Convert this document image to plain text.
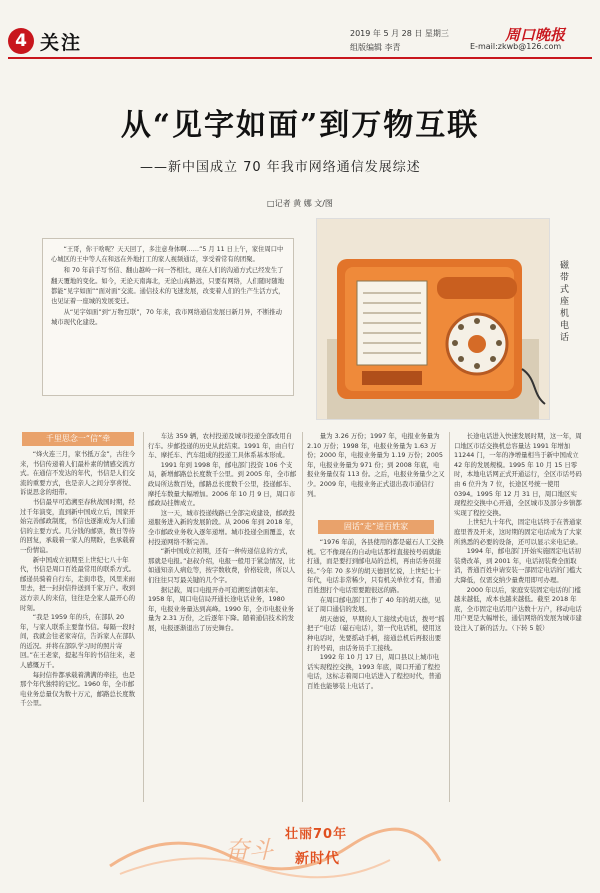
4 关注	2019 年 5 月 28 日 星期三	周口晚报
组版编辑 李青	E-mail:zkwb@126.com
从“见字如面”到万物互联
——新中国成立 70 年我市网络通信发展综述
□记者 黄 娜 文/图

“王哥，你干啥呢？天天回了，多注意身体啊……”5 月 11 日上午，家住周口中心城区的王中等人在和远在外地打工的家人视频通话，享受着常有的团聚。

和 70 年前手写书信、翻山越岭一问一答相比，现在人们的沟通方式已经发生了翻天覆地的变化。如今，无论天南海北，无论山高路远，只要有网络，人们随时随地都能“见字如面”“面对面”交流。通信技术的飞速发展，改变着人们的生产生活方式，也见证着一座城的发展变迁。

从“见字如面”到“万物互联”，70 年来，我市网络通信发展日新月异，不断推动城市现代化建设。

磁带式座机电话
千里思念一“信”牵

“烽火连三月，家书抵万金”，古往今来，书信传递着人们最朴素的情感交流方式。在通信不发达的年代，书信是人们交流的重要方式，也是亲人之间分享喜悦、诉说思念的纽带。

书信最早可追溯至春秋战国时期，经过千年演变，直到新中国成立后，国家开始完善邮政制度，书信也逐渐成为人们通信的主要方式。几分钱的邮票，数日等待的回复，承载着一家人的期盼，也承载着一份情谊。

新中国成立初期至上世纪七八十年代，书信是周口百姓最常用的联系方式。邮递员骑着自行车，走街串巷，风里来雨里去，把一封封信件送到千家万户。收到远方亲人的来信，往往是全家人最开心的时刻。

“我是 1959 年的兵，在部队 20 年，与家人联系主要靠书信。每隔一段时间，我就会往老家寄信，告诉家人在部队的近况。并将在部队学习时的照片寄回。”在王老家，提起当年的书信往来，老人感慨万千。

每封信件都承载着满满的牵挂，也是那个年代独特的记忆。1960 年，全市邮电业务总量仅为数十万元，邮路总长度数千公里。

车达 359 辆，农村投递及城市投递全部改用自行车。步邮投递的历史从此结束。1991 年，由自行车、摩托车、汽车组成的投递工具体系基本形成。

1991 年到 1998 年，邮电部门投资 106 个支局，新增邮路总长度数千公里。到 2005 年，全市邮政局所达数百处，邮路总长度数千公里，投递邮车、摩托车数量大幅增加。2006 年 10 月 9 日，周口市邮政局挂牌成立。

这一天，城市投递线路已全部完成建设，邮政投递服务进入新的发展阶段。从 2006 年到 2018 年，全市邮政业务收入逐年递增。城市投递全面覆盖，农村投递网络不断完善。

“新中国成立初期，还有一种传递信息的方式，那就是电报。”赵叔介绍，电报一般用于紧急情况，比如通知亲人病危等，按字数收费，价格较贵，所以人们往往只写最关键的几个字。

据记载，周口电报开办可追溯至清朝末年。1958 年，周口电信局开通长途电话业务，1980 年，电报业务量达到高峰。1990 年，全市电报业务量为 2.31 万份，之后逐年下降。随着通信技术的发展，电报逐渐退出了历史舞台。

量为 3.26 万份；1997 年，电报业务量为 2.10 万份；1998 年，电报业务量为 1.63 万份；2000 年，电报业务量为 1.19 万份；2005 年，电报业务量为 971 份；到 2008 年底，电报业务量仅有 113 份。之后，电报业务量少之又少。2009 年，电报业务正式退出我市通信行列。

固话“走”进百姓家

“1976 年前，各县使用的都是磁石人工交换机。它不像现在的自动电话那样直接按号码就能打通，而是要打到邮电局的总机，再由话务员接转。”今年 70 多岁的胡天德回忆说，上世纪七十年代，电话非常稀少，只有机关单位才有，普通百姓想打个电话需要跑很远的路。

在周口邮电部门工作了 40 年的胡天德，见证了周口通信的发展。

胡天德说，早期的人工接续式电话，拨号“摇把子”电话（磁石电话），第一代电话机，使用这种电话时，先要摇动手柄，接通总机后再报出要打的号码，由话务员手工接线。

1992 年 10 月 17 日，周口县以上城市电话实现程控交换，1993 年底，周口开通了程控电话，这标志着周口电话进入了程控时代，普通百姓也能够装上电话了。

长途电话进入快速发展时期，这一年，周口地区市话交换机总容量达 1991 年增加 11244 门，一年的净增量相当于新中国成立 42 年的发展规模。1995 年 10 月 15 日零时，本地电话网正式开通运行，全区市话号码由 6 位升为 7 位，长途区号统一使用 0394。1995 年 12 月 31 日，周口地区实现程控交换中心开通，全区城市及部分乡镇都实现了程控交换。

上世纪九十年代，固定电话终于在普通家庭里普及开来，这时期的固定电话成为了大家所熟悉的必要的设备，还可以显示来电记录。

1994 年，邮电部门开始实施固定电话初装费改革，到 2001 年，电话初装费全面取消，普通百姓申请安装一部固定电话的门槛大大降低，仅需交纳少量费用即可办理。

2000 年以后，家庭安装固定电话的门槛越来越低，成本也越来越低。截至 2018 年底，全市固定电话用户达数十万户，移动电话用户更是大幅增长，通信网络的发展为城市建设注入了新的活力。（下转 5 版）

奋斗
壮丽70年
新时代
